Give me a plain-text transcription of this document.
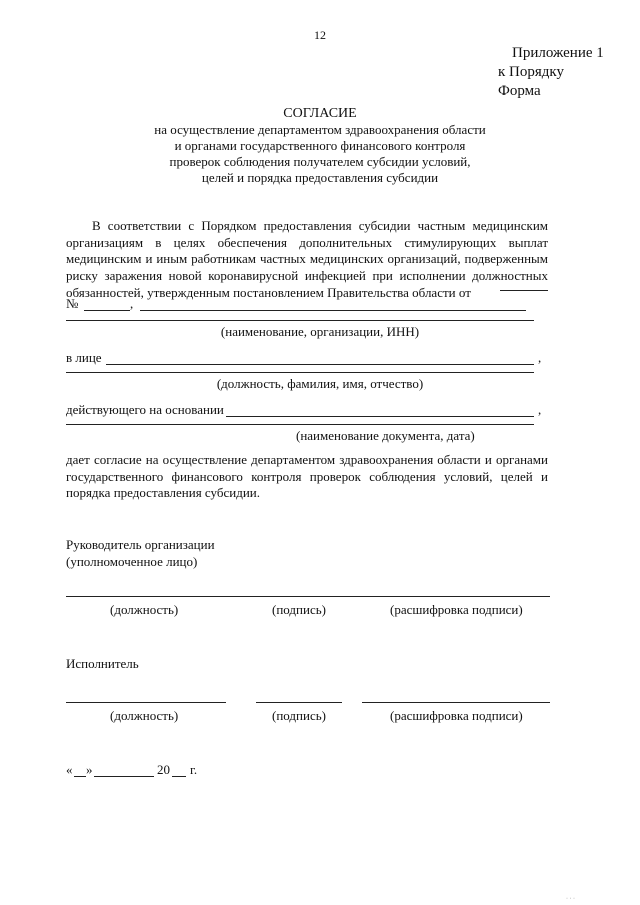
12
Приложение 1
к Порядку
Форма
СОГЛАСИЕ
на осуществление департаментом здравоохранения области
и органами государственного финансового контроля
проверок соблюдения получателем субсидии условий,
целей и порядка предоставления субсидии
В соответствии с Порядком предоставления субсидии частным медицинским организациям в целях обеспечения дополнительных стимулирующих выплат медицинским и иным работникам частных медицинских организаций, подверженным риску заражения новой коронавирусной инфекцией при исполнении должностных обязанностей, утвержденным постановлением Правительства области от
№	,
(наименование, организации, ИНН)
в лице	,
(должность, фамилия, имя, отчество)
действующего на основании	,
(наименование документа, дата)
дает согласие на осуществление департаментом здравоохранения области и органами государственного финансового контроля проверок соблюдения условий, целей и порядка предоставления субсидии.
Руководитель организации
(уполномоченное лицо)
(должность)	(подпись)	(расшифровка подписи)
Исполнитель
(должность)	(подпись)	(расшифровка подписи)
« »	20 г.
· · ·
